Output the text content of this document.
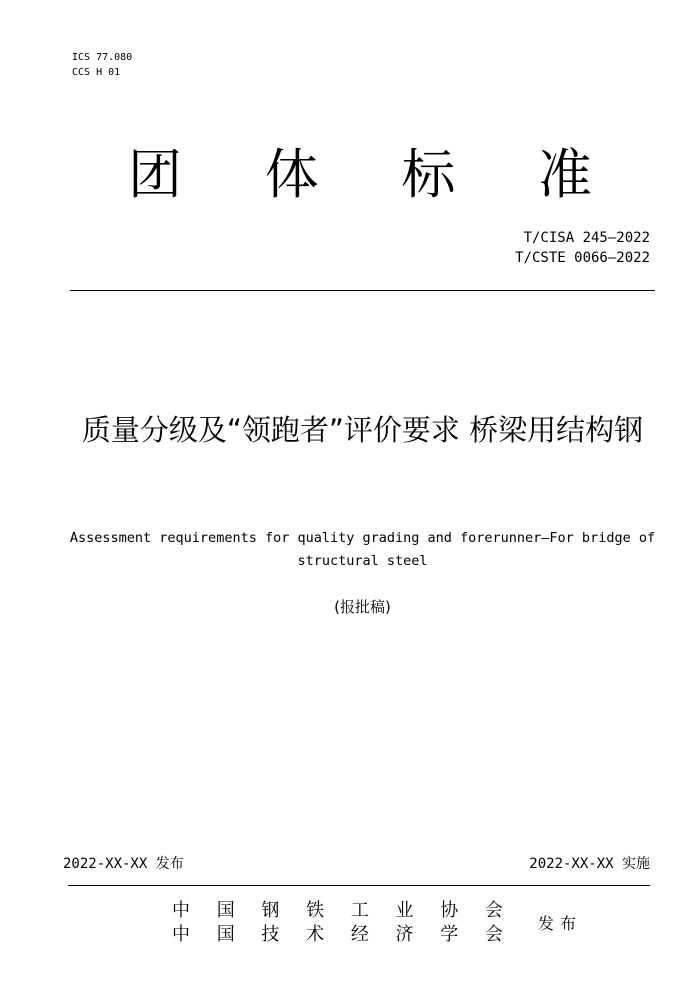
ICS 77.080
CCS H 01
团	体	标	准
T/CISA 245—2022
T/CSTE 0066—2022
质量分级及“领跑者”评价要求 桥梁用结构钢
Assessment requirements for quality grading and forerunner—For bridge of structural steel
(报批稿)
2022-XX-XX 发布	2022-XX-XX 实施
中 国 钢 铁 工 业 协 会
中 国 技 术 经 济 学 会
发布
